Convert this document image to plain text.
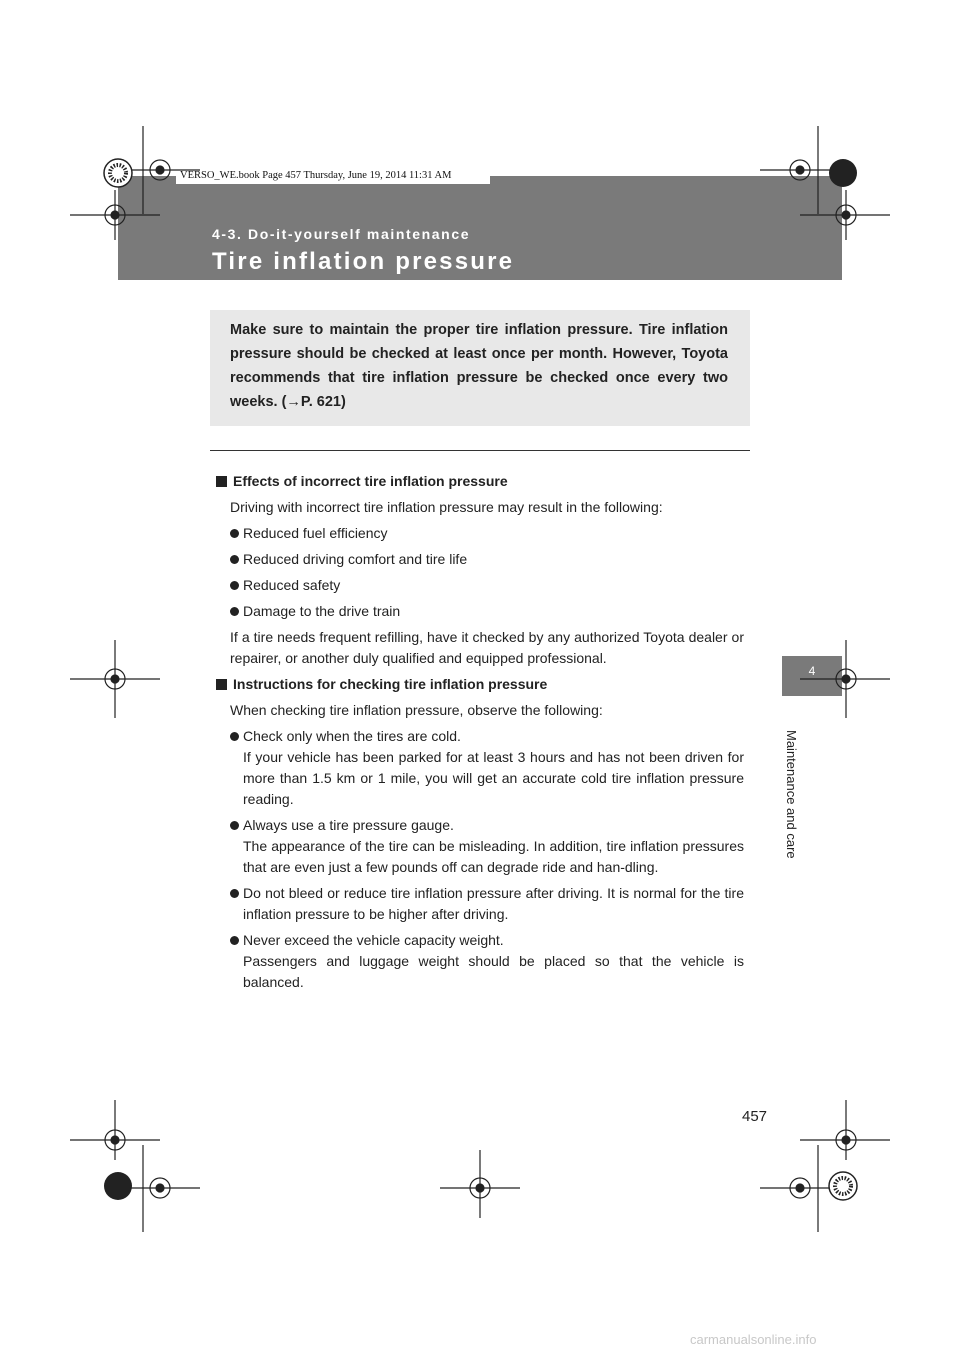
VERSO_WE.book Page 457 Thursday, June 19, 2014 11:31 AM
4-3. Do-it-yourself maintenance
Tire inflation pressure
Make sure to maintain the proper tire inflation pressure. Tire inflation pressure should be checked at least once per month. However, Toyota recommends that tire inflation pressure be checked once every two weeks. (→P. 621)
Effects of incorrect tire inflation pressure
Driving with incorrect tire inflation pressure may result in the following:
Reduced fuel efficiency
Reduced driving comfort and tire life
Reduced safety
Damage to the drive train
If a tire needs frequent refilling, have it checked by any authorized Toyota dealer or repairer, or another duly qualified and equipped professional.
Instructions for checking tire inflation pressure
When checking tire inflation pressure, observe the following:
Check only when the tires are cold.
If your vehicle has been parked for at least 3 hours and has not been driven for more than 1.5 km or 1 mile, you will get an accurate cold tire inflation pressure reading.
Always use a tire pressure gauge.
The appearance of the tire can be misleading. In addition, tire inflation pressures that are even just a few pounds off can degrade ride and han-dling.
Do not bleed or reduce tire inflation pressure after driving. It is normal for the tire inflation pressure to be higher after driving.
Never exceed the vehicle capacity weight.
Passengers and luggage weight should be placed so that the vehicle is balanced.
4
Maintenance and care
457
carmanualsonline.info
